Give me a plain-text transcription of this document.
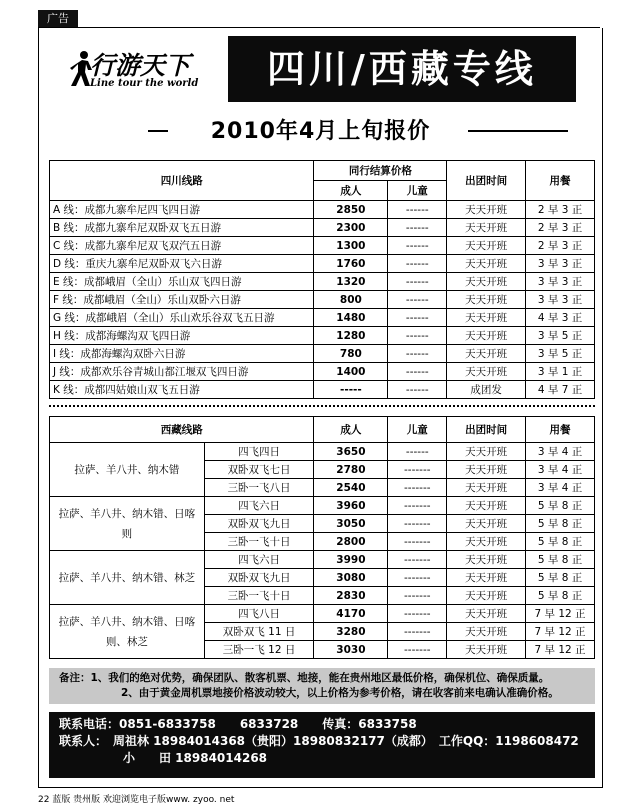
广告
行游天下
Line tour the world	四川/西藏专线
2010年4月上旬报价
四川线路	同行结算价格		出团时间	用餐
	成人	儿童		
A 线：成都九寨牟尼四飞四日游	2850	------	天天开班	2 早 3 正
B 线：成都九寨牟尼双卧双飞五日游	2300	------	天天开班	2 早 3 正
C 线：成都九寨牟尼双飞双汽五日游	1300	------	天天开班	2 早 3 正
D 线：重庆九寨牟尼双卧双飞六日游	1760	------	天天开班	3 早 3 正
E 线：成都峨眉（全山）乐山双飞四日游	1320	------	天天开班	3 早 3 正
F 线：成都峨眉（全山）乐山双卧六日游	800	------	天天开班	3 早 3 正
G 线：成都峨眉（全山）乐山欢乐谷双飞五日游	1480	------	天天开班	4 早 3 正
H 线：成都海螺沟双飞四日游	1280	------	天天开班	3 早 5 正
I 线：成都海螺沟双卧六日游	780	------	天天开班	3 早 5 正
J 线：成都欢乐谷青城山都江堰双飞四日游	1400	------	天天开班	3 早 1 正
K 线：成都四姑娘山双飞五日游	-----	------	成团发	4 早 7 正
西藏线路		成人	儿童	出团时间	用餐
拉萨、羊八井、纳木错	四飞四日	3650	------	天天开班	3 早 4 正
	双卧双飞七日	2780	-------	天天开班	3 早 4 正
	三卧一飞八日	2540	-------	天天开班	3 早 4 正
拉萨、羊八井、纳木错、日喀则	四飞六日	3960	-------	天天开班	5 早 8 正
	双卧双飞九日	3050	-------	天天开班	5 早 8 正
	三卧一飞十日	2800	-------	天天开班	5 早 8 正
拉萨、羊八井、纳木错、林芝	四飞六日	3990	-------	天天开班	5 早 8 正
	双卧双飞九日	3080	-------	天天开班	5 早 8 正
	三卧一飞十日	2830	-------	天天开班	5 早 8 正
拉萨、羊八井、纳木错、日喀则、林芝	四飞八日	4170	-------	天天开班	7 早 12 正
	双卧双飞 11 日	3280	-------	天天开班	7 早 12 正
	三卧一飞 12 日	3030	-------	天天开班	7 早 12 正
备注：1、我们的绝对优势，确保团队、散客机票、地接，能在贵州地区最低价格，确保机位、确保质量。
2、由于黄金周机票地接价格波动较大，以上价格为参考价格，请在收客前来电确认准确价格。
联系电话：0851-6833758　　6833728　　传真：6833758
联系人：　周祖林 18984014368（贵阳）18980832177（成都）　工作QQ：1198608472
小　　田 18984014268
22 蓝版 贵州版 欢迎浏览电子版www. zyoo. net
